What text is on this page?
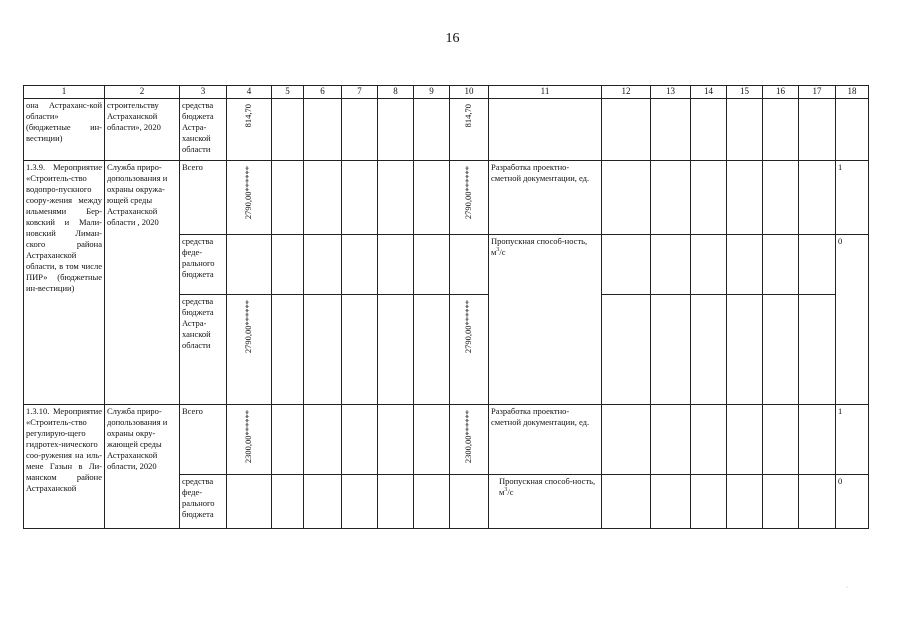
16
1	2	3	4	5	6	7	8	9	10	11	12	13	14	15	16	17	18
она Астраханс-кой области» (бюджетные ин-вестиции)	строительству Астраханской области», 2020	средства бюджета Астра-ханской области	814,70						814,70								
1.3.9. Мероприятие «Строитель-ство водопро-пускного соору-жения между ильменями Бер-ковский и Мали-новский Лиман-ского района Астраханской области, в том числе ПИР» (бюджетные ин-вестиции)	Служба приро-допользования и охраны окружа-ющей среды Астраханской области , 2020	Всего	2790,00******						2790,00******	Разработка проектно-сметной документации, ед.							1
		средства феде-рального бюджета								Пропускная способ-ность, $м^3/с$							0
		средства бюджета Астра-ханской области	2790,00******						2790,00******								
1.3.10. Мероприятие «Строитель-ство регулирую-щего гидротех-нического соо-ружения на иль-мене Газын в Ли-манском районе Астраханской	Служба приро-допользования и охраны окру-жающей среды Астраханской области, 2020	Всего	2300,00******						2300,00******	Разработка проектно-сметной документации, ед.							1
		средства феде-рального бюджета								Пропускная способ-ность, $м^3/с$							0
·
